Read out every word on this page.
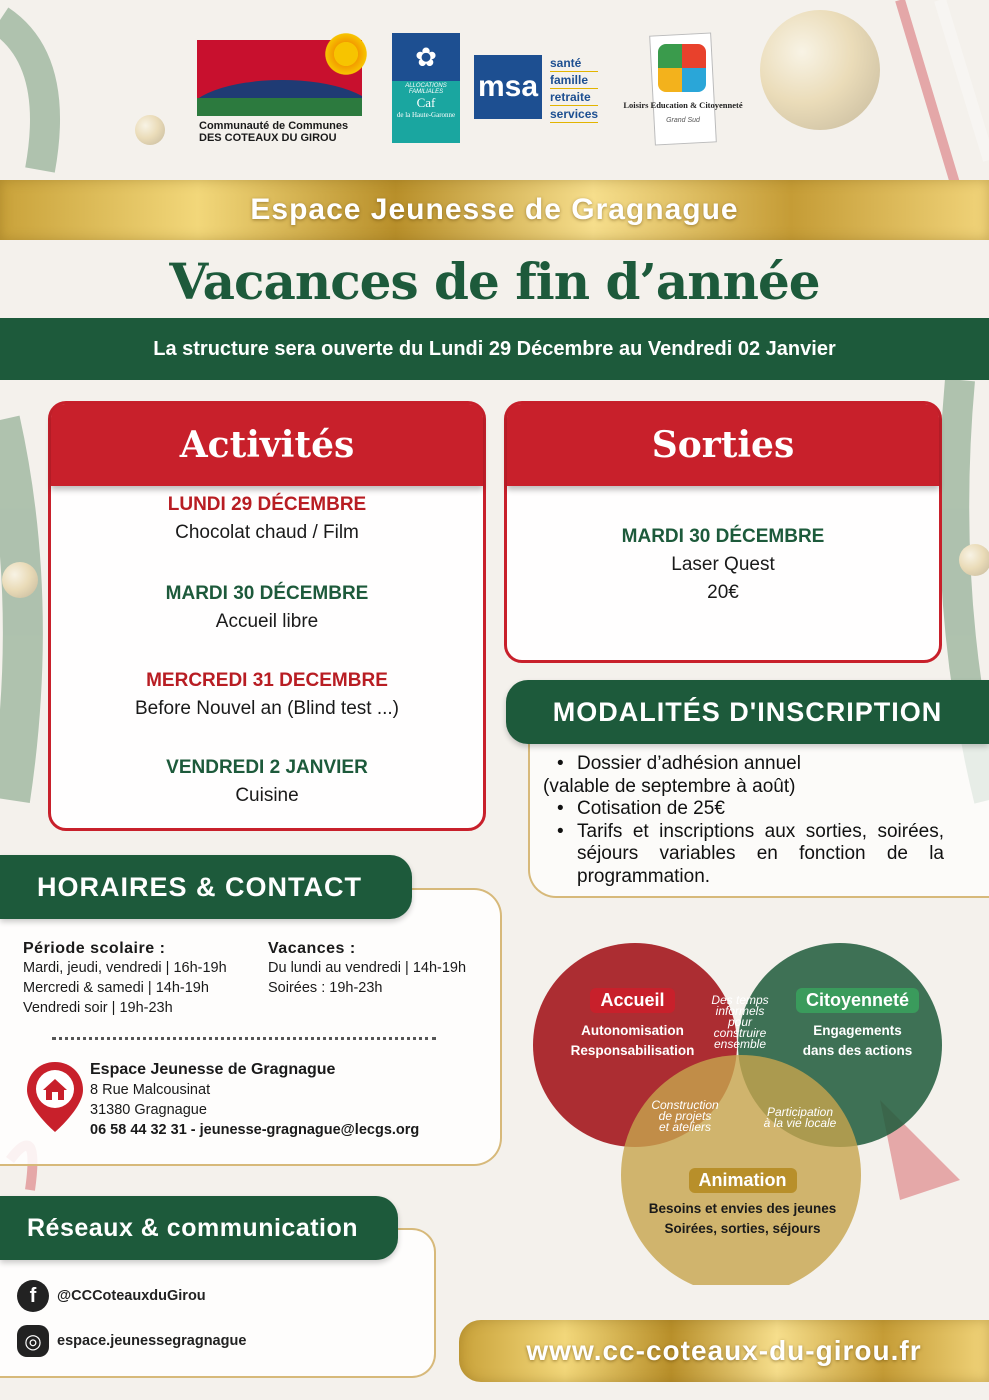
Communauté de Communes
DES COTEAUX DU GIROU
✿
ALLOCATIONS FAMILIALES
Caf
de la Haute-Garonne
msa
santé
famille
retraite
services
Loisirs Education & Citoyenneté
Grand Sud
Espace Jeunesse de Gragnague
Vacances de fin d’année
La structure sera ouverte du Lundi 29 Décembre au Vendredi 02 Janvier
Activités
LUNDI 29 DÉCEMBRE
Chocolat chaud / Film
MARDI 30 DÉCEMBRE
Accueil libre
MERCREDI 31 DECEMBRE
Before Nouvel an (Blind test ...)
VENDREDI 2 JANVIER
Cuisine
Sorties
MARDI 30 DÉCEMBRE
Laser Quest
20€
MODALITÉS D'INSCRIPTION
• Dossier d’adhésion annuel
(valable de septembre à août)
• Cotisation de 25€
• Tarifs et inscriptions aux sorties, soirées, séjours variables en fonction de la programmation.
HORAIRES & CONTACT
Période scolaire :
Mardi, jeudi, vendredi | 16h-19h
Mercredi & samedi | 14h-19h
Vendredi soir | 19h-23h
Vacances :
Du lundi au vendredi | 14h-19h
Soirées : 19h-23h
Espace Jeunesse de Gragnague
8 Rue Malcousinat
31380 Gragnague
06 58 44 32 31 - jeunesse-gragnague@lecgs.org
Réseaux & communication
f	@CCCoteauxduGirou
◎	espace.jeunessegragnague
Accueil
Autonomisation
Responsabilisation
Citoyenneté
Engagements
dans des actions
Animation
Besoins et envies des jeunes
Soirées, sorties, séjours
Des temps
informels
pour
construire
ensemble
Construction
de projets
et ateliers
Participation
à la vie locale
www.cc-coteaux-du-girou.fr
